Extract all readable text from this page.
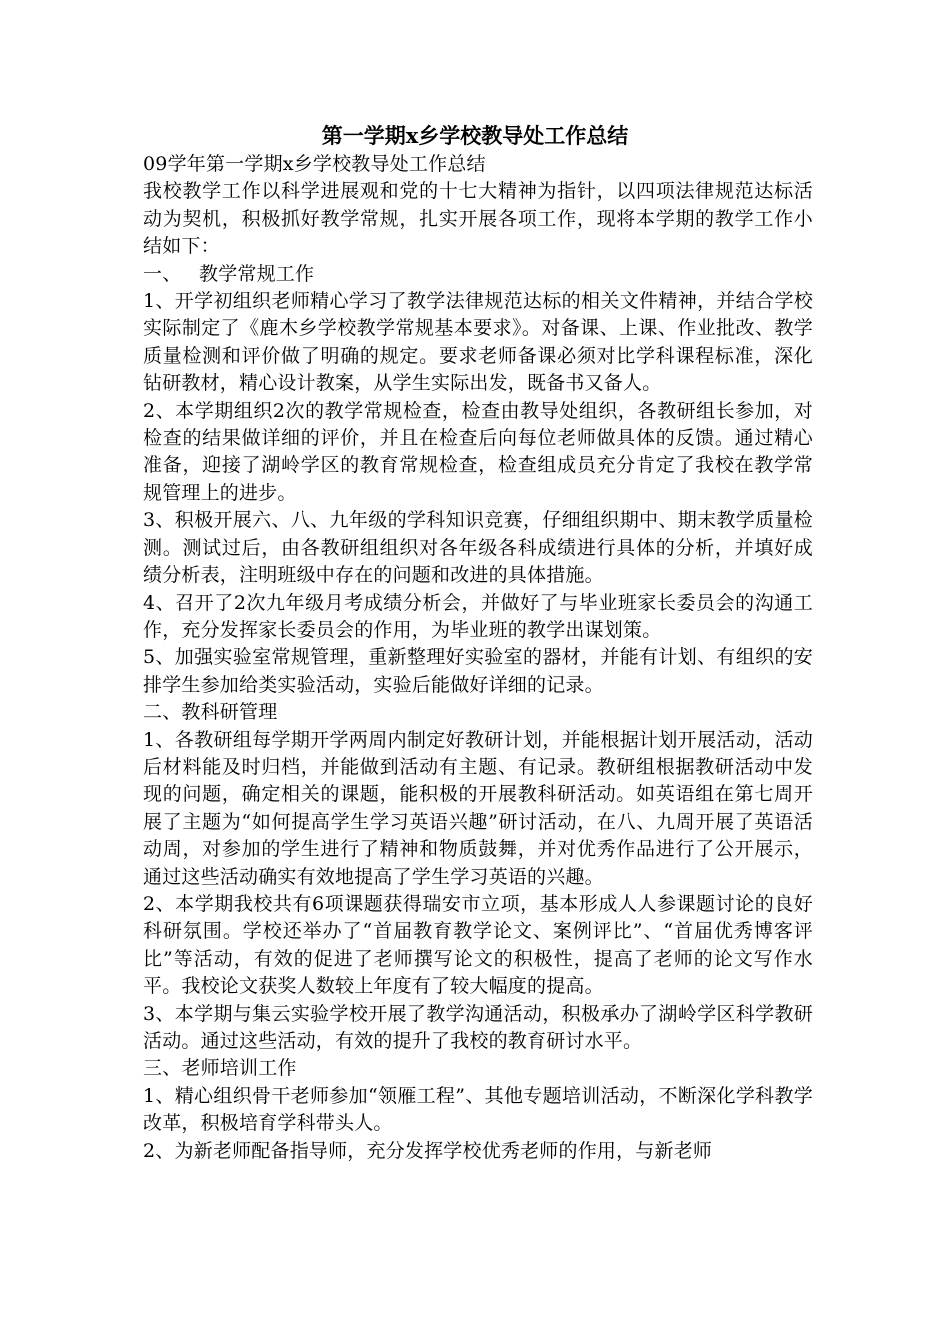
第一学期x乡学校教导处工作总结

09学年第一学期x乡学校教导处工作总结

我校教学工作以科学进展观和党的十七大精神为指针，以四项法律规范达标活动为契机，积极抓好教学常规，扎实开展各项工作，现将本学期的教学工作小结如下：

一、 教学常规工作

1、开学初组织老师精心学习了教学法律规范达标的相关文件精神，并结合学校实际制定了《鹿木乡学校教学常规基本要求》。对备课、上课、作业批改、教学质量检测和评价做了明确的规定。要求老师备课必须对比学科课程标准，深化钻研教材，精心设计教案，从学生实际出发，既备书又备人。

2、本学期组织2次的教学常规检查，检查由教导处组织，各教研组长参加，对检查的结果做详细的评价，并且在检查后向每位老师做具体的反馈。通过精心准备，迎接了湖岭学区的教育常规检查，检查组成员充分肯定了我校在教学常规管理上的进步。

3、积极开展六、八、九年级的学科知识竞赛，仔细组织期中、期末教学质量检测。测试过后，由各教研组组织对各年级各科成绩进行具体的分析，并填好成绩分析表，注明班级中存在的问题和改进的具体措施。

4、召开了2次九年级月考成绩分析会，并做好了与毕业班家长委员会的沟通工作，充分发挥家长委员会的作用，为毕业班的教学出谋划策。

5、加强实验室常规管理，重新整理好实验室的器材，并能有计划、有组织的安排学生参加给类实验活动，实验后能做好详细的记录。

二、教科研管理

1、各教研组每学期开学两周内制定好教研计划，并能根据计划开展活动，活动后材料能及时归档，并能做到活动有主题、有记录。教研组根据教研活动中发现的问题，确定相关的课题，能积极的开展教科研活动。如英语组在第七周开展了主题为“如何提高学生学习英语兴趣”研讨活动，在八、九周开展了英语活动周，对参加的学生进行了精神和物质鼓舞，并对优秀作品进行了公开展示，通过这些活动确实有效地提高了学生学习英语的兴趣。

2、本学期我校共有6项课题获得瑞安市立项，基本形成人人参课题讨论的良好科研氛围。学校还举办了“首届教育教学论文、案例评比”、“首届优秀博客评比”等活动，有效的促进了老师撰写论文的积极性，提高了老师的论文写作水平。我校论文获奖人数较上年度有了较大幅度的提高。

3、本学期与集云实验学校开展了教学沟通活动，积极承办了湖岭学区科学教研活动。通过这些活动，有效的提升了我校的教育研讨水平。

三、老师培训工作

1、精心组织骨干老师参加“领雁工程”、其他专题培训活动，不断深化学科教学改革，积极培育学科带头人。

2、为新老师配备指导师，充分发挥学校优秀老师的作用，与新老师
